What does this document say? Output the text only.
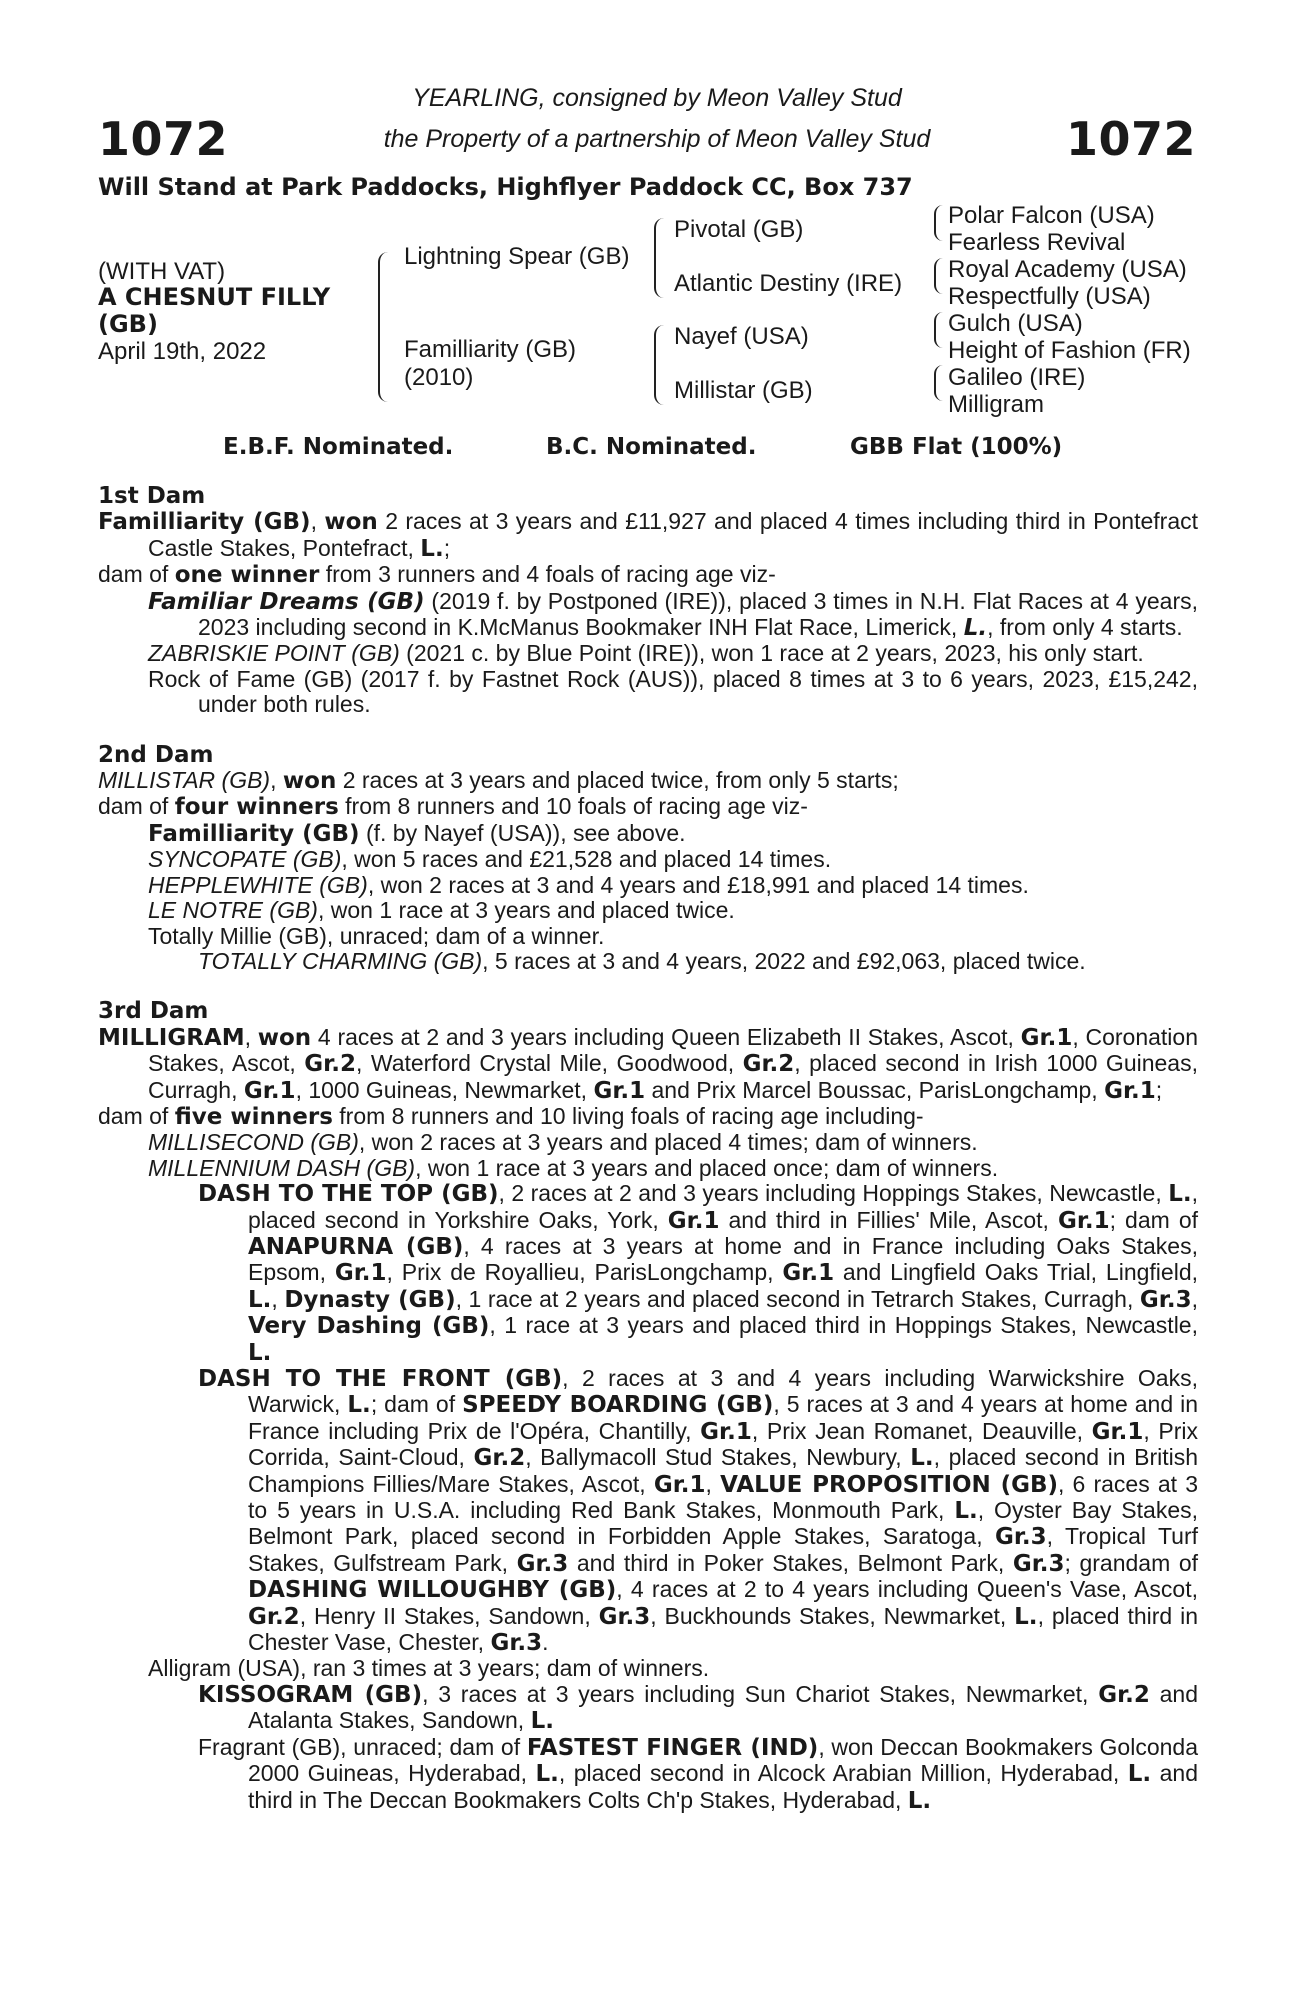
1072	1072
YEARLING, consigned by Meon Valley Stud
the Property of a partnership of Meon Valley Stud
Will Stand at Park Paddocks, Highflyer Paddock CC, Box 737
(WITH VAT)
A CHESNUT FILLY
(GB)
April 19th, 2022
Lightning Spear (GB)
Familliarity (GB)
(2010)
Pivotal (GB)
Atlantic Destiny (IRE)
Nayef (USA)
Millistar (GB)
Polar Falcon (USA)
Fearless Revival
Royal Academy (USA)
Respectfully (USA)
Gulch (USA)
Height of Fashion (FR)
Galileo (IRE)
Milligram
E.B.F. Nominated.	B.C. Nominated.	GBB Flat (100%)

1st Dam

Familliarity (GB), won 2 races at 3 years and £11,927 and placed 4 times including third in Pontefract Castle Stakes, Pontefract, L.;

dam of one winner from 3 runners and 4 foals of racing age viz-

Familiar Dreams (GB) (2019 f. by Postponed (IRE)), placed 3 times in N.H. Flat Races at 4 years, 2023 including second in K.McManus Bookmaker INH Flat Race, Limerick, L., from only 4 starts.

ZABRISKIE POINT (GB) (2021 c. by Blue Point (IRE)), won 1 race at 2 years, 2023, his only start.

Rock of Fame (GB) (2017 f. by Fastnet Rock (AUS)), placed 8 times at 3 to 6 years, 2023, £15,242, under both rules.

2nd Dam

MILLISTAR (GB), won 2 races at 3 years and placed twice, from only 5 starts;

dam of four winners from 8 runners and 10 foals of racing age viz-

Familliarity (GB) (f. by Nayef (USA)), see above.

SYNCOPATE (GB), won 5 races and £21,528 and placed 14 times.

HEPPLEWHITE (GB), won 2 races at 3 and 4 years and £18,991 and placed 14 times.

LE NOTRE (GB), won 1 race at 3 years and placed twice.

Totally Millie (GB), unraced; dam of a winner.

TOTALLY CHARMING (GB), 5 races at 3 and 4 years, 2022 and £92,063, placed twice.

3rd Dam

MILLIGRAM, won 4 races at 2 and 3 years including Queen Elizabeth II Stakes, Ascot, Gr.1, Coronation Stakes, Ascot, Gr.2, Waterford Crystal Mile, Goodwood, Gr.2, placed second in Irish 1000 Guineas, Curragh, Gr.1, 1000 Guineas, Newmarket, Gr.1 and Prix Marcel Boussac, ParisLongchamp, Gr.1;

dam of five winners from 8 runners and 10 living foals of racing age including-

MILLISECOND (GB), won 2 races at 3 years and placed 4 times; dam of winners.

MILLENNIUM DASH (GB), won 1 race at 3 years and placed once; dam of winners.

DASH TO THE TOP (GB), 2 races at 2 and 3 years including Hoppings Stakes, Newcastle, L., placed second in Yorkshire Oaks, York, Gr.1 and third in Fillies' Mile, Ascot, Gr.1; dam of ANAPURNA (GB), 4 races at 3 years at home and in France including Oaks Stakes, Epsom, Gr.1, Prix de Royallieu, ParisLongchamp, Gr.1 and Lingfield Oaks Trial, Lingfield, L., Dynasty (GB), 1 race at 2 years and placed second in Tetrarch Stakes, Curragh, Gr.3, Very Dashing (GB), 1 race at 3 years and placed third in Hoppings Stakes, Newcastle, L.

DASH TO THE FRONT (GB), 2 races at 3 and 4 years including Warwickshire Oaks, Warwick, L.; dam of SPEEDY BOARDING (GB), 5 races at 3 and 4 years at home and in France including Prix de l'Opéra, Chantilly, Gr.1, Prix Jean Romanet, Deauville, Gr.1, Prix Corrida, Saint-Cloud, Gr.2, Ballymacoll Stud Stakes, Newbury, L., placed second in British Champions Fillies/Mare Stakes, Ascot, Gr.1, VALUE PROPOSITION (GB), 6 races at 3 to 5 years in U.S.A. including Red Bank Stakes, Monmouth Park, L., Oyster Bay Stakes, Belmont Park, placed second in Forbidden Apple Stakes, Saratoga, Gr.3, Tropical Turf Stakes, Gulfstream Park, Gr.3 and third in Poker Stakes, Belmont Park, Gr.3; grandam of DASHING WILLOUGHBY (GB), 4 races at 2 to 4 years including Queen's Vase, Ascot, Gr.2, Henry II Stakes, Sandown, Gr.3, Buckhounds Stakes, Newmarket, L., placed third in Chester Vase, Chester, Gr.3.

Alligram (USA), ran 3 times at 3 years; dam of winners.

KISSOGRAM (GB), 3 races at 3 years including Sun Chariot Stakes, Newmarket, Gr.2 and Atalanta Stakes, Sandown, L.

Fragrant (GB), unraced; dam of FASTEST FINGER (IND), won Deccan Bookmakers Golconda 2000 Guineas, Hyderabad, L., placed second in Alcock Arabian Million, Hyderabad, L. and third in The Deccan Bookmakers Colts Ch'p Stakes, Hyderabad, L.
